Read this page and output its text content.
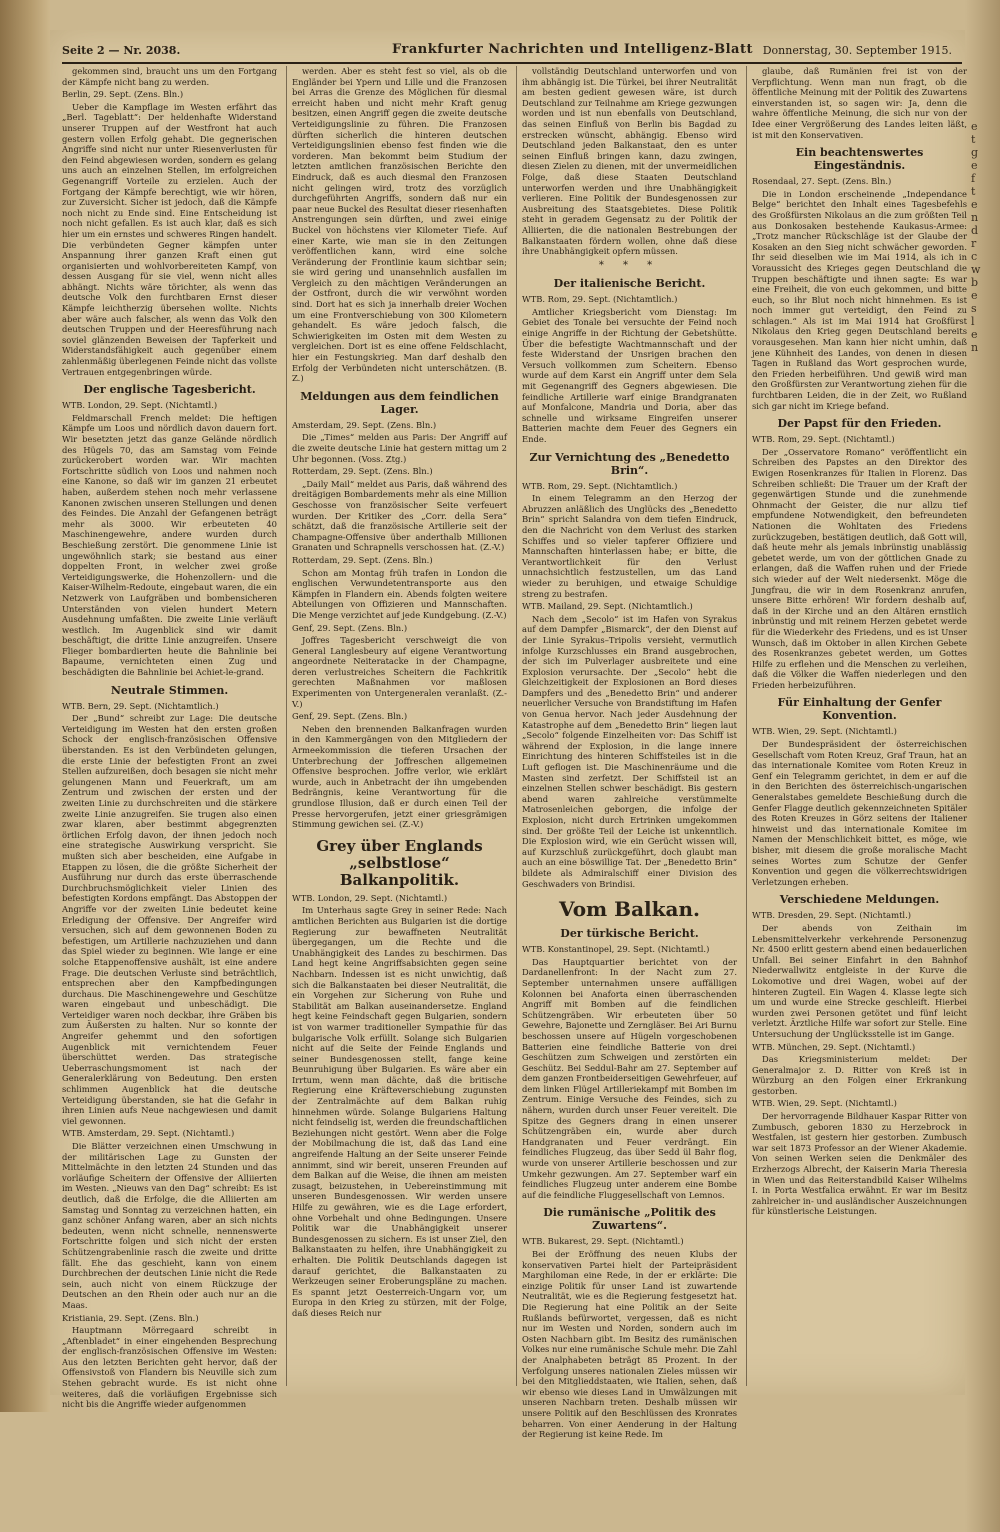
e
t
g
e
f
t
e
n
d
r
c
w
b
e
s
l
e
n
Seite 2 — Nr. 2038.	Frankfurter Nachrichten und Intelligenz-Blatt Donnerstag, 30. September 1915.

gekommen sind, braucht uns um den Fortgang der Kämpfe nicht bang zu werden.

Berlin, 29. Sept. (Zens. Bln.)

Ueber die Kampflage im Westen erfährt das „Berl. Tageblatt“: Der heldenhafte Widerstand unserer Truppen auf der Westfront hat auch gestern vollen Erfolg gehabt. Die gegnerischen Angriffe sind nicht nur unter Riesenverlusten für den Feind abgewiesen worden, sondern es gelang uns auch an einzelnen Stellen, im erfolgreichen Gegenangriff Vorteile zu erzielen. Auch der Fortgang der Kämpfe berechtigt, wie wir hören, zur Zuversicht. Sicher ist jedoch, daß die Kämpfe noch nicht zu Ende sind. Eine Entscheidung ist noch nicht gefallen. Es ist auch klar, daß es sich hier um ein ernstes und schweres Ringen handelt. Die verbündeten Gegner kämpfen unter Anspannung ihrer ganzen Kraft einen gut organisierten und wohlvorbereiteten Kampf, von dessen Ausgang für sie viel, wenn nicht alles abhängt. Nichts wäre törichter, als wenn das deutsche Volk den furchtbaren Ernst dieser Kämpfe leichtherzig übersehen wollte. Nichts aber wäre auch falscher, als wenn das Volk den deutschen Truppen und der Heeresführung nach soviel glänzenden Beweisen der Tapferkeit und Widerstandsfähigkeit auch gegenüber einem zahlenmäßig überlegenen Feinde nicht das vollste Vertrauen entgegenbringen würde.

Der englische Tagesbericht.

WTB. London, 29. Sept. (Nichtamtl.)

Feldmarschall French meldet: Die heftigen Kämpfe um Loos und nördlich davon dauern fort. Wir besetzten jetzt das ganze Gelände nördlich des Hügels 70, das am Samstag vom Feinde zurückerobert worden war. Wir machten Fortschritte südlich von Loos und nahmen noch eine Kanone, so daß wir im ganzen 21 erbeutet haben, außerdem stehen noch mehr verlassene Kanonen zwischen unseren Stellungen und denen des Feindes. Die Anzahl der Gefangenen beträgt mehr als 3000. Wir erbeuteten 40 Maschinengewehre, andere wurden durch Beschießung zerstört. Die genommene Linie ist ungewöhnlich stark; sie bestand aus einer doppelten Front, in welcher zwei große Verteidigungswerke, die Hohenzollern- und die Kaiser-Wilhelm-Redoute, eingebaut waren, die ein Netzwerk von Laufgräben und bombensicheren Unterständen von vielen hundert Metern Ausdehnung umfaßten. Die zweite Linie verläuft westlich. Im Augenblick sind wir damit beschäftigt, die dritte Linie anzugreifen. Unsere Flieger bombardierten heute die Bahnlinie bei Bapaume, vernichteten einen Zug und beschädigten die Bahnlinie bei Achiet-le-grand.

Neutrale Stimmen.

WTB. Bern, 29. Sept. (Nichtamtlich.)

Der „Bund“ schreibt zur Lage: Die deutsche Verteidigung im Westen hat den ersten großen Schock der englisch-französischen Offensive überstanden. Es ist den Verbündeten gelungen, die erste Linie der befestigten Front an zwei Stellen aufzureißen, doch besagen sie nicht mehr gelungenen Mann und Feuerkraft, um am Zentrum und zwischen der ersten und der zweiten Linie zu durchschreiten und die stärkere zweite Linie anzugreifen. Sie trugen also einen zwar klaren, aber bestimmt abgegrenzten örtlichen Erfolg davon, der ihnen jedoch noch eine strategische Auswirkung verspricht. Sie mußten sich aber bescheiden, eine Aufgabe in Etappen zu lösen, die die größte Sicherheit der Ausführung nur durch das erste überraschende Durchbruchsmöglichkeit vieler Linien des befestigten Kordons empfängt. Das Abstoppen der Angriffe vor der zweiten Linie bedeutet keine Erledigung der Offensive. Der Angreifer wird versuchen, sich auf dem gewonnenen Boden zu befestigen, um Artillerie nachzuziehen und dann das Spiel wieder zu beginnen. Wie lange er eine solche Etappenoffensive aushält, ist eine andere Frage. Die deutschen Verluste sind beträchtlich, entsprechen aber den Kampfbedingungen durchaus. Die Maschinengewehre und Geschütze waren eingebaut und unbeschädigt. Die Verteidiger waren noch deckbar, ihre Gräben bis zum Äußersten zu halten. Nur so konnte der Angreifer gehemmt und den sofortigen Augenblick mit vernichtendem Feuer überschüttet werden. Das strategische Ueberraschungsmoment ist nach der Generalerklärung von Bedeutung. Den ersten schlimmen Augenblick hat die deutsche Verteidigung überstanden, sie hat die Gefahr in ihren Linien aufs Neue nachgewiesen und damit viel gewonnen.

WTB. Amsterdam, 29. Sept. (Nichtamtl.)

Die Blätter verzeichnen einen Umschwung in der militärischen Lage zu Gunsten der Mittelmächte in den letzten 24 Stunden und das vorläufige Scheitern der Offensive der Alliierten im Westen. „Nieuws van den Dag“ schreibt: Es ist deutlich, daß die Erfolge, die die Alliierten am Samstag und Sonntag zu verzeichnen hatten, ein ganz schöner Anfang waren, aber an sich nichts bedeuten, wenn nicht schnelle, nennenswerte Fortschritte folgen und sich nicht der ersten Schützengrabenlinie rasch die zweite und dritte fällt. Ehe das geschieht, kann von einem Durchbrechen der deutschen Linie nicht die Rede sein, auch nicht von einem Rückzuge der Deutschen an den Rhein oder auch nur an die Maas.

Kristiania, 29. Sept. (Zens. Bln.)

Hauptmann Mörregaard schreibt in „Aftenbladet“ in einer eingehenden Besprechung der englisch-französischen Offensive im Westen: Aus den letzten Berichten geht hervor, daß der Offensivstoß von Flandern bis Neuville sich zum Stehen gebracht wurde. Es ist nicht ohne weiteres, daß die vorläufigen Ergebnisse sich nicht bis die Angriffe wieder aufgenommen

werden. Aber es steht fest so viel, als ob die Engländer bei Ypern und Lille und die Franzosen bei Arras die Grenze des Möglichen für diesmal erreicht haben und nicht mehr Kraft genug besitzen, einen Angriff gegen die zweite deutsche Verteidigungslinie zu führen. Die Franzosen dürften sicherlich die hinteren deutschen Verteidigungslinien ebenso fest finden wie die vorderen. Man bekommt beim Studium der letzten amtlichen französischen Berichte den Eindruck, daß es auch diesmal den Franzosen nicht gelingen wird, trotz des vorzüglich durchgeführten Angriffs, sondern daß nur ein paar neue Buckel des Resultat dieser riesenhaften Anstrengungen sein dürften, und zwei einige Buckel von höchstens vier Kilometer Tiefe. Auf einer Karte, wie man sie in den Zeitungen veröffentlichen kann, wird eine solche Veränderung der Frontlinie kaum sichtbar sein; sie wird gering und unansehnlich ausfallen im Vergleich zu den mächtigen Veränderungen an der Ostfront, durch die wir verwöhnt worden sind. Dort hat es sich ja innerhalb dreier Wochen um eine Frontverschiebung von 300 Kilometern gehandelt. Es wäre jedoch falsch, die Schwierigkeiten im Osten mit dem Westen zu vergleichen. Dort ist es eine offene Feldschlacht, hier ein Festungskrieg. Man darf deshalb den Erfolg der Verbündeten nicht unterschätzen. (B. Z.)

Meldungen aus dem feindlichen Lager.

Amsterdam, 29. Sept. (Zens. Bln.)

Die „Times“ melden aus Paris: Der Angriff auf die zweite deutsche Linie hat gestern mittag um 2 Uhr begonnen. (Voss. Ztg.)

Rotterdam, 29. Sept. (Zens. Bln.)

„Daily Mail“ meldet aus Paris, daß während des dreitägigen Bombardements mehr als eine Million Geschosse von französischer Seite verfeuert wurden. Der Kritiker des „Corr. della Sera“ schätzt, daß die französische Artillerie seit der Champagne-Offensive über anderthalb Millionen Granaten und Schrapnells verschossen hat. (Z.-V.)

Rotterdam, 29. Sept. (Zens. Bln.)

Schon am Montag früh trafen in London die englischen Verwundetentransporte aus den Kämpfen in Flandern ein. Abends folgten weitere Abteilungen von Offizieren und Mannschaften. Die Menge verzichtet auf jede Kundgebung. (Z.-V.)

Genf, 29. Sept. (Zens. Bln.)

Joffres Tagesbericht verschweigt die von General Langlesbeury auf eigene Verantwortung angeordnete Neiteratacke in der Champagne, deren verlustreiches Scheitern die Fachkritik gerechten Maßnahmen vor maßlosen Experimenten von Untergeneralen veranlaßt. (Z.-V.)

Genf, 29. Sept. (Zens. Bln.)

Neben den brennenden Balkanfragen wurden in den Kammergängen von den Mitgliedern der Armeekommission die tieferen Ursachen der Unterbrechung der Joffreschen allgemeinen Offensive besprochen. Joffre verlor, wie erklärt wurde, auch in Anbetracht der ihn umgebenden Bedrängnis, keine Verantwortung für die grundlose Illusion, daß er durch einen Teil der Presse hervorgerufen, jetzt einer griesgrämigen Stimmung gewichen sei. (Z.-V.)

Grey über Englands „selbstlose“ Balkanpolitik.

WTB. London, 29. Sept. (Nichtamtl.)

Im Unterhaus sagte Grey in seiner Rede: Nach amtlichen Berichten aus Bulgarien ist die dortige Regierung zur bewaffneten Neutralität übergegangen, um die Rechte und die Unabhängigkeit des Landes zu beschirmen. Das Land hegt keine Angriffsabsichten gegen seine Nachbarn. Indessen ist es nicht unwichtig, daß sich die Balkanstaaten bei dieser Neutralität, die ein Vorgehen zur Sicherung von Ruhe und Stabilität am Balkan auseinandersetze. England hegt keine Feindschaft gegen Bulgarien, sondern ist von warmer traditioneller Sympathie für das bulgarische Volk erfüllt. Solange sich Bulgarien nicht auf die Seite der Feinde Englands und seiner Bundesgenossen stellt, fange keine Beunruhigung über Bulgarien. Es wäre aber ein Irrtum, wenn man dächte, daß die britische Regierung eine Kräfteverschiebung zugunsten der Zentralmächte auf dem Balkan ruhig hinnehmen würde. Solange Bulgariens Haltung nicht feindselig ist, werden die freundschaftlichen Beziehungen nicht gestört. Wenn aber die Folge der Mobilmachung die ist, daß das Land eine angreifende Haltung an der Seite unserer Feinde annimmt, sind wir bereit, unseren Freunden auf dem Balkan auf die Weise, die ihnen am meisten zusagt, beizustehen, in Uebereinstimmung mit unseren Bundesgenossen. Wir werden unsere Hilfe zu gewähren, wie es die Lage erfordert, ohne Vorbehalt und ohne Bedingungen. Unsere Politik war die Unabhängigkeit unserer Bundesgenossen zu sichern. Es ist unser Ziel, den Balkanstaaten zu helfen, ihre Unabhängigkeit zu erhalten. Die Politik Deutschlands dagegen ist darauf gerichtet, die Balkanstaaten zu Werkzeugen seiner Eroberungspläne zu machen. Es spannt jetzt Oesterreich-Ungarn vor, um Europa in den Krieg zu stürzen, mit der Folge, daß dieses Reich nur

vollständig Deutschland unterworfen und von ihm abhängig ist. Die Türkei, bei ihrer Neutralität am besten gedient gewesen wäre, ist durch Deutschland zur Teilnahme am Kriege gezwungen worden und ist nun ebenfalls von Deutschland, das seinen Einfluß von Berlin bis Bagdad zu erstrecken wünscht, abhängig. Ebenso wird Deutschland jeden Balkanstaat, den es unter seinen Einfluß bringen kann, dazu zwingen, diesen Zielen zu dienen, mit der unvermeidlichen Folge, daß diese Staaten Deutschland unterworfen werden und ihre Unabhängigkeit verlieren. Eine Politik der Bundesgenossen zur Ausbreitung des Staatsgebietes. Diese Politik steht in geradem Gegensatz zu der Politik der Alliierten, die die nationalen Bestrebungen der Balkanstaaten fördern wollen, ohne daß diese ihre Unabhängigkeit opfern müssen.

* * *
Der italienische Bericht.

WTB. Rom, 29. Sept. (Nichtamtlich.)

Amtlicher Kriegsbericht vom Dienstag: Im Gebiet des Tonale bei versuchte der Feind noch einige Angriffe in der Richtung der Gebetshütte. Über die befestigte Wachtmannschaft und der feste Widerstand der Unsrigen brachen den Versuch vollkommen zum Scheitern. Ebenso wurde auf dem Karst ein Angriff unter dem Sela mit Gegenangriff des Gegners abgewiesen. Die feindliche Artillerie warf einige Brandgranaten auf Monfalcone, Mandria und Doria, aber das schnelle und wirksame Eingreifen unserer Batterien machte dem Feuer des Gegners ein Ende.

Zur Vernichtung des „Benedetto Brin“.

WTB. Rom, 29. Sept. (Nichtamtlich.)

In einem Telegramm an den Herzog der Abruzzen anläßlich des Unglücks des „Benedetto Brin“ spricht Salandra von dem tiefen Eindruck, den die Nachricht von dem Verlust des starken Schiffes und so vieler tapferer Offiziere und Mannschaften hinterlassen habe; er bitte, die Verantwortlichkeit für den Verlust unnachsichtlich festzustellen, um das Land wieder zu beruhigen, und etwaige Schuldige streng zu bestrafen.

WTB. Mailand, 29. Sept. (Nichtamtlich.)

Nach dem „Secolo“ ist im Hafen von Syrakus auf dem Dampfer „Bismarck“, der den Dienst auf der Linie Syrakus–Tripolis versieht, vermutlich infolge Kurzschlusses ein Brand ausgebrochen, der sich im Pulverlager ausbreitete und eine Explosion verursachte. Der „Secolo“ hebt die Gleichzeitigkeit der Explosionen an Bord dieses Dampfers und des „Benedetto Brin“ und anderer neuerlicher Versuche von Brandstiftung im Hafen von Genua hervor. Nach jeder Ausdehnung der Katastrophe auf dem „Benedetto Brin“ liegen laut „Secolo“ folgende Einzelheiten vor: Das Schiff ist während der Explosion, in die lange innere Einrichtung des hinteren Schiffsteiles ist in die Luft geflogen ist. Die Maschinenräume und die Masten sind zerfetzt. Der Schiffsteil ist an einzelnen Stellen schwer beschädigt. Bis gestern abend waren zahlreiche verstümmelte Matrosenleichen geborgen, die infolge der Explosion, nicht durch Ertrinken umgekommen sind. Der größte Teil der Leiche ist unkenntlich. Die Explosion wird, wie ein Gerücht wissen will, auf Kurzschluß zurückgeführt, doch glaubt man auch an eine böswillige Tat. Der „Benedetto Brin“ bildete als Admiralschiff einer Division des Geschwaders von Brindisi.

Vom Balkan.
Der türkische Bericht.

WTB. Konstantinopel, 29. Sept. (Nichtamtl.)

Das Hauptquartier berichtet von der Dardanellenfront: In der Nacht zum 27. September unternahmen unsere auffälligen Kolonnen bei Anaforta einen überraschenden Angriff mit Bomben auf die feindlichen Schützengräben. Wir erbeuteten über 50 Gewehre, Bajonette und Zerngläser. Bei Ari Burnu beschossen unsere auf Hügeln vorgeschobenen Batterien eine feindliche Batterie von drei Geschützen zum Schweigen und zerstörten ein Geschütz. Bei Seddul-Bahr am 27. September auf dem ganzen Frontbeiderseitigen Gewehrfeuer, auf dem linken Flügel Artilleriekampf mit Bomben im Zentrum. Einige Versuche des Feindes, sich zu nähern, wurden durch unser Feuer vereitelt. Die Spitze des Gegners drang in einen unserer Schützengräben ein, wurde aber durch Handgranaten und Feuer verdrängt. Ein feindliches Flugzeug, das über Sedd ül Bahr flog, wurde von unserer Artillerie beschossen und zur Umkehr gezwungen. Am 27. September warf ein feindliches Flugzeug unter anderem eine Bombe auf die feindliche Fluggesellschaft von Lemnos.

Die rumänische „Politik des Zuwartens“.

WTB. Bukarest, 29. Sept. (Nichtamtl.)

Bei der Eröffnung des neuen Klubs der konservativen Partei hielt der Parteipräsident Marghiloman eine Rede, in der er erklärte: Die einzige Politik für unser Land ist zuwartende Neutralität, wie es die Regierung festgesetzt hat. Die Regierung hat eine Politik an der Seite Rußlands befürwortet, vergessen, daß es nicht nur im Westen und Norden, sondern auch im Osten Nachbarn gibt. Im Besitz des rumänischen Volkes nur eine rumänische Schule mehr. Die Zahl der Analphabeten beträgt 85 Prozent. In der Verfolgung unseres nationalen Zieles müssen wir bei den Mitglieddstaaten, wie Italien, sehen, daß wir ebenso wie dieses Land in Umwälzungen mit unseren Nachbarn treten. Deshalb müssen wir unsere Politik auf den Beschlüssen des Kronrates beharren. Von einer Aenderung in der Haltung der Regierung ist keine Rede. Im

glaube, daß Rumänien frei ist von der Verpflichtung. Wenn man nun fragt, ob die öffentliche Meinung mit der Politik des Zuwartens einverstanden ist, so sagen wir: Ja, denn die wahre öffentliche Meinung, die sich nur von der Idee einer Vergrößerung des Landes leiten läßt, ist mit den Konservativen.

Ein beachtenswertes Eingeständnis.

Rosendaal, 27. Sept. (Zens. Bln.)

Die in London erscheinende „Independance Belge“ berichtet den Inhalt eines Tagesbefehls des Großfürsten Nikolaus an die zum größten Teil aus Donkosaken bestehende Kaukasus-Armee: „Trotz mancher Rückschläge ist der Glaube der Kosaken an den Sieg nicht schwächer geworden. Ihr seid dieselben wie im Mai 1914, als ich in Voraussicht des Krieges gegen Deutschland die Truppen beschäftigte und ihnen sagte: Es war eine Freiheit, die von euch gekommen, und bitte euch, so ihr Blut noch nicht hinnehmen. Es ist noch immer gut verteidigt, den Feind zu schlagen.“ Als ist im Mai 1914 hat Großfürst Nikolaus den Krieg gegen Deutschland bereits vorausgesehen. Man kann hier nicht umhin, daß jene Kühnheit des Landes, von denen in diesen Tagen in Rußland das Wort gesprochen wurde, den Frieden herbeiführen. Und gewiß wird man den Großfürsten zur Verantwortung ziehen für die furchtbaren Leiden, die in der Zeit, wo Rußland sich gar nicht im Kriege befand.

Der Papst für den Frieden.

WTB. Rom, 29. Sept. (Nichtamtl.)

Der „Osservatore Romano“ veröffentlicht ein Schreiben des Papstes an den Direktor des Ewigen Rosenkranzes für Italien in Florenz. Das Schreiben schließt: Die Trauer um der Kraft der gegenwärtigen Stunde und die zunehmende Ohnmacht der Geister, die nur allzu tief empfundene Notwendigkeit, den befreundeten Nationen die Wohltaten des Friedens zurückzugeben, bestätigen deutlich, daß Gott will, daß heute mehr als jemals inbrünstig unablässig gebetet werde, um von der göttlichen Gnade zu erlangen, daß die Waffen ruhen und der Friede sich wieder auf der Welt niedersenkt. Möge die Jungfrau, die wir in dem Rosenkranz anrufen, unsere Bitte erhören! Wir fordern deshalb auf, daß in der Kirche und an den Altären ernstlich inbrünstig und mit reinem Herzen gebetet werde für die Wiederkehr des Friedens, und es ist Unser Wunsch, daß im Oktober in allen Kirchen Gebete des Rosenkranzes gebetet werden, um Gottes Hilfe zu erflehen und die Menschen zu verleihen, daß die Völker die Waffen niederlegen und den Frieden herbeizuführen.

Für Einhaltung der Genfer Konvention.

WTB. Wien, 29. Sept. (Nichtamtl.)

Der Bundespräsident der österreichischen Gesellschaft vom Roten Kreuz, Graf Traun, hat an das internationale Komitee vom Roten Kreuz in Genf ein Telegramm gerichtet, in dem er auf die in den Berichten des österreichisch-ungarischen Generalstabes gemeldete Beschießung durch die Genfer Flagge deutlich gekennzeichneten Spitäler des Roten Kreuzes in Görz seitens der Italiener hinweist und das internationale Komitee im Namen der Menschlichkeit bittet, es möge, wie bisher, mit diesem die große moralische Macht seines Wortes zum Schutze der Genfer Konvention und gegen die völkerrechtswidrigen Verletzungen erheben.

Verschiedene Meldungen.

WTB. Dresden, 29. Sept. (Nichtamtl.)

Der abends von Zeithain im Lebensmittelverkehr verkehrende Personenzug Nr. 4500 erlitt gestern abend einen bedauerlichen Unfall. Bei seiner Einfahrt in den Bahnhof Niederwallwitz entgleiste in der Kurve die Lokomotive und drei Wagen, wobei auf der hinteren Zugteil. Ein Wagen 4. Klasse legte sich um und wurde eine Strecke geschleift. Hierbei wurden zwei Personen getötet und fünf leicht verletzt. Ärztliche Hilfe war sofort zur Stelle. Eine Untersuchung der Unglücksstelle ist im Gange.

WTB. München, 29. Sept. (Nichtamtl.)

Das Kriegsministerium meldet: Der Generalmajor z. D. Ritter von Kreß ist in Würzburg an den Folgen einer Erkrankung gestorben.

WTB. Wien, 29. Sept. (Nichtamtl.)

Der hervorragende Bildhauer Kaspar Ritter von Zumbusch, geboren 1830 zu Herzebrock in Westfalen, ist gestern hier gestorben. Zumbusch war seit 1873 Professor an der Wiener Akademie. Von seinen Werken seien die Denkmäler des Erzherzogs Albrecht, der Kaiserin Maria Theresia in Wien und das Reiterstandbild Kaiser Wilhelms I. in Porta Westfalica erwähnt. Er war im Besitz zahlreicher in- und ausländischer Auszeichnungen für künstlerische Leistungen.
